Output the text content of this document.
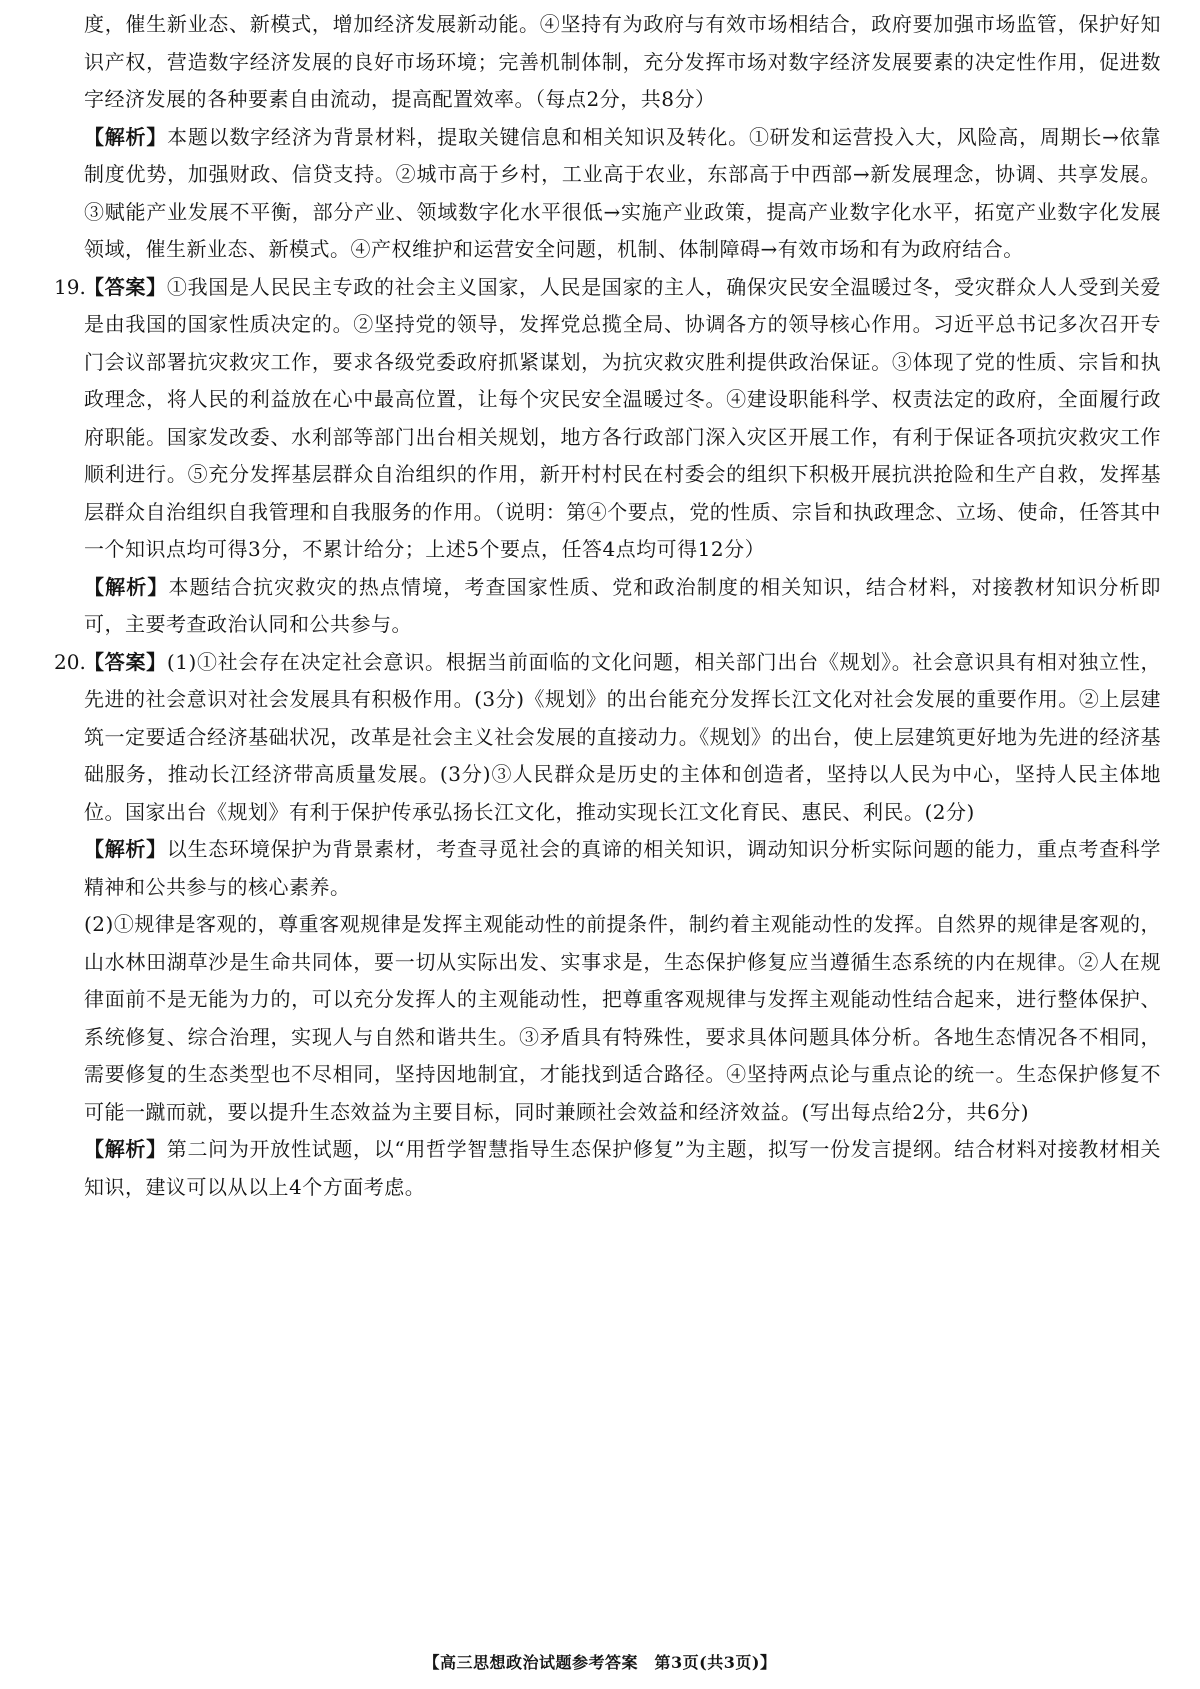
度，催生新业态、新模式，增加经济发展新动能。④坚持有为政府与有效市场相结合，政府要加强市场监管，保护好知识产权，营造数字经济发展的良好市场环境；完善机制体制，充分发挥市场对数字经济发展要素的决定性作用，促进数字经济发展的各种要素自由流动，提高配置效率。（每点2分，共8分）

【解析】本题以数字经济为背景材料，提取关键信息和相关知识及转化。①研发和运营投入大，风险高，周期长→依靠制度优势，加强财政、信贷支持。②城市高于乡村，工业高于农业，东部高于中西部→新发展理念，协调、共享发展。③赋能产业发展不平衡，部分产业、领域数字化水平很低→实施产业政策，提高产业数字化水平，拓宽产业数字化发展领域，催生新业态、新模式。④产权维护和运营安全问题，机制、体制障碍→有效市场和有为政府结合。

19.

【答案】①我国是人民民主专政的社会主义国家，人民是国家的主人，确保灾民安全温暖过冬，受灾群众人人受到关爱是由我国的国家性质决定的。②坚持党的领导，发挥党总揽全局、协调各方的领导核心作用。习近平总书记多次召开专门会议部署抗灾救灾工作，要求各级党委政府抓紧谋划，为抗灾救灾胜利提供政治保证。③体现了党的性质、宗旨和执政理念，将人民的利益放在心中最高位置，让每个灾民安全温暖过冬。④建设职能科学、权责法定的政府，全面履行政府职能。国家发改委、水利部等部门出台相关规划，地方各行政部门深入灾区开展工作，有利于保证各项抗灾救灾工作顺利进行。⑤充分发挥基层群众自治组织的作用，新开村村民在村委会的组织下积极开展抗洪抢险和生产自救，发挥基层群众自治组织自我管理和自我服务的作用。（说明：第④个要点，党的性质、宗旨和执政理念、立场、使命，任答其中一个知识点均可得3分，不累计给分；上述5个要点，任答4点均可得12分）

【解析】本题结合抗灾救灾的热点情境，考查国家性质、党和政治制度的相关知识，结合材料，对接教材知识分析即可，主要考查政治认同和公共参与。

20.

【答案】(1)①社会存在决定社会意识。根据当前面临的文化问题，相关部门出台《规划》。社会意识具有相对独立性，先进的社会意识对社会发展具有积极作用。(3分)《规划》的出台能充分发挥长江文化对社会发展的重要作用。②上层建筑一定要适合经济基础状况，改革是社会主义社会发展的直接动力。《规划》的出台，使上层建筑更好地为先进的经济基础服务，推动长江经济带高质量发展。(3分)③人民群众是历史的主体和创造者，坚持以人民为中心，坚持人民主体地位。国家出台《规划》有利于保护传承弘扬长江文化，推动实现长江文化育民、惠民、利民。(2分)

【解析】以生态环境保护为背景素材，考查寻觅社会的真谛的相关知识，调动知识分析实际问题的能力，重点考查科学精神和公共参与的核心素养。

(2)①规律是客观的，尊重客观规律是发挥主观能动性的前提条件，制约着主观能动性的发挥。自然界的规律是客观的，山水林田湖草沙是生命共同体，要一切从实际出发、实事求是，生态保护修复应当遵循生态系统的内在规律。②人在规律面前不是无能为力的，可以充分发挥人的主观能动性，把尊重客观规律与发挥主观能动性结合起来，进行整体保护、系统修复、综合治理，实现人与自然和谐共生。③矛盾具有特殊性，要求具体问题具体分析。各地生态情况各不相同，需要修复的生态类型也不尽相同，坚持因地制宜，才能找到适合路径。④坚持两点论与重点论的统一。生态保护修复不可能一蹴而就，要以提升生态效益为主要目标，同时兼顾社会效益和经济效益。(写出每点给2分，共6分)

【解析】第二问为开放性试题，以“用哲学智慧指导生态保护修复”为主题，拟写一份发言提纲。结合材料对接教材相关知识，建议可以从以上4个方面考虑。

【高三思想政治试题参考答案　第3页(共3页)】
